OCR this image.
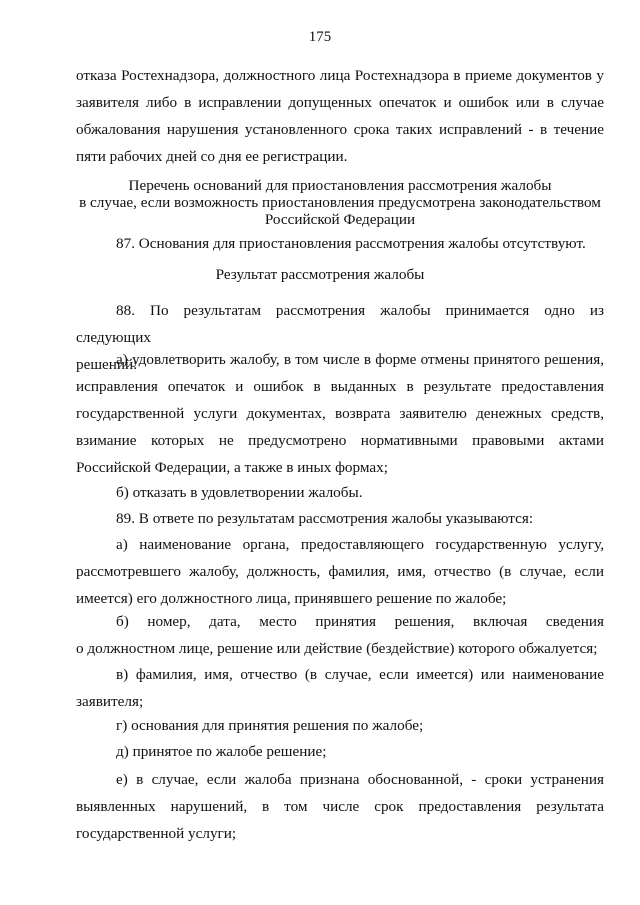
175
отказа Ростехнадзора, должностного лица Ростехнадзора в приеме документов у
заявителя либо в исправлении допущенных опечаток и ошибок или в случае
обжалования нарушения установленного срока таких исправлений - в течение
пяти рабочих дней со дня ее регистрации.
Перечень оснований для приостановления рассмотрения жалобы
в случае, если возможность приостановления предусмотрена законодательством
Российской Федерации
87. Основания для приостановления рассмотрения жалобы отсутствуют.
Результат рассмотрения жалобы
88. По результатам рассмотрения жалобы принимается одно из следующих
решений:
а) удовлетворить жалобу, в том числе в форме отмены принятого решения,
исправления опечаток и ошибок в выданных в результате предоставления
государственной услуги документах, возврата заявителю денежных средств,
взимание которых не предусмотрено нормативными правовыми актами
Российской Федерации, а также в иных формах;
б) отказать в удовлетворении жалобы.
89. В ответе по результатам рассмотрения жалобы указываются:
а) наименование органа, предоставляющего государственную услугу,
рассмотревшего жалобу, должность, фамилия, имя, отчество (в случае, если
имеется) его должностного лица, принявшего решение по жалобе;
б) номер, дата, место принятия решения, включая сведения
о должностном лице, решение или действие (бездействие) которого обжалуется;
в) фамилия, имя, отчество (в случае, если имеется) или наименование
заявителя;
г) основания для принятия решения по жалобе;
д) принятое по жалобе решение;
е) в случае, если жалоба признана обоснованной, - сроки устранения
выявленных нарушений, в том числе срок предоставления результата
государственной услуги;
